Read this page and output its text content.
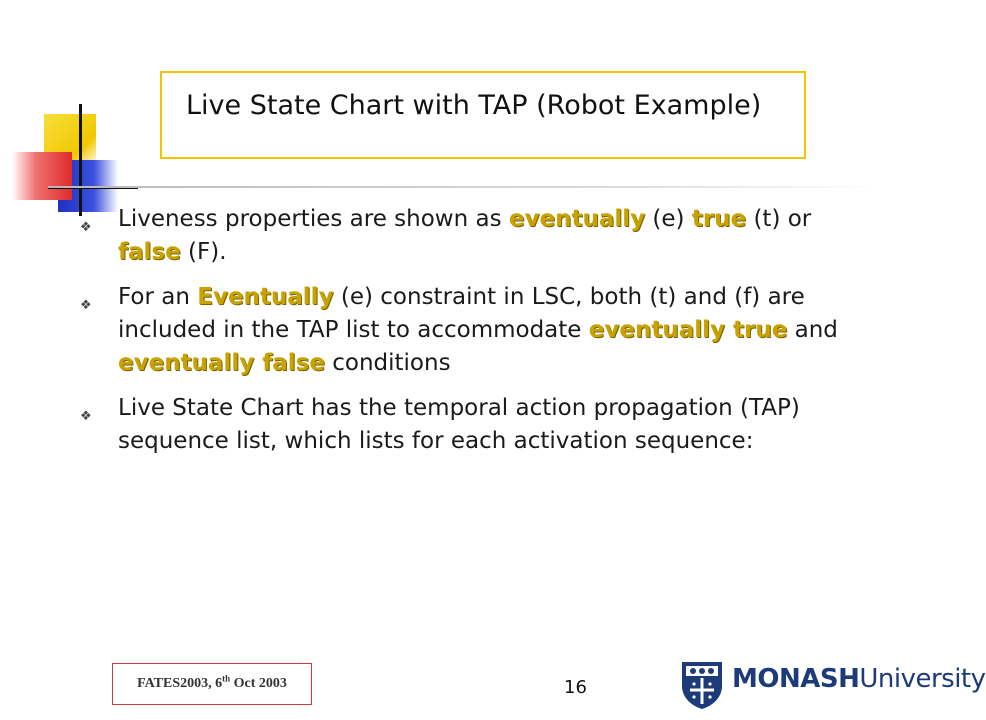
Live State Chart with TAP (Robot Example)
❖ Liveness properties are shown as eventually (e) true (t) or false (F).
❖ For an Eventually (e) constraint in LSC, both (t) and (f) are included in the TAP list to accommodate eventually true and eventually false conditions
❖ Live State Chart has the temporal action propagation (TAP) sequence list, which lists for each activation sequence:
FATES2003, 6th Oct 2003	16	MONASHUniversity
